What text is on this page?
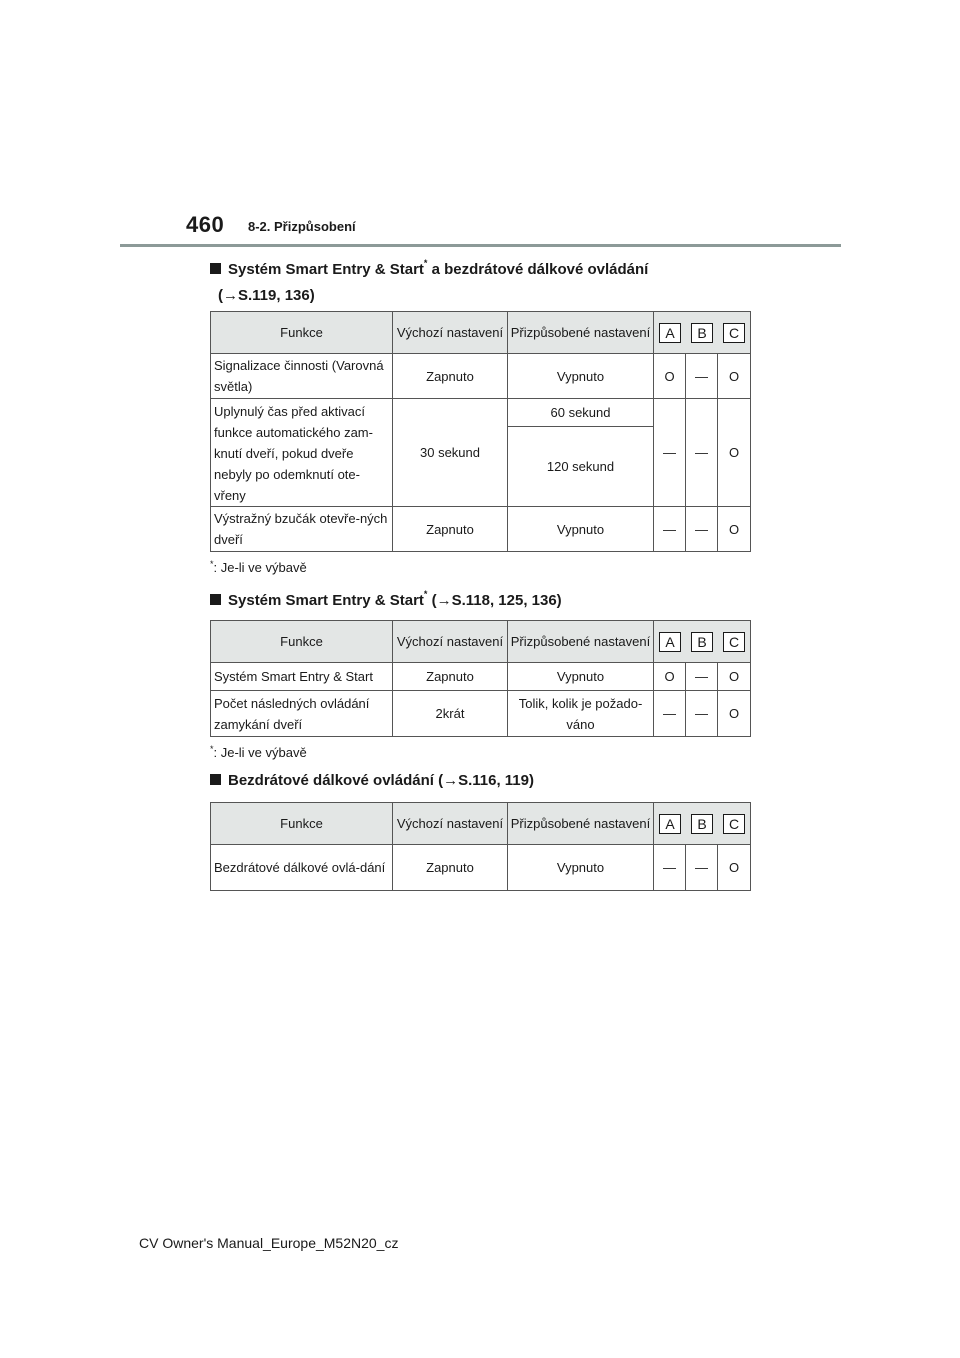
460 8-2. Přizpůsobení
Systém Smart Entry & Start* a bezdrátové dálkové ovládání
(→S.119, 136)
Funkce	Výchozí nastavení	Přizpůsobené nastavení	A B C		

Signalizace činnosti (Varovná světla)	Zapnuto	Vypnuto	O	—	O
Uplynulý čas před aktivací funkce automatického zam-knutí dveří, pokud dveře nebyly po odemknutí ote-vřeny	30 sekund	60 sekund	—	—	O
		120 sekund			
Výstražný bzučák otevře-ných dveří	Zapnuto	Vypnuto	—	—	O
*: Je-li ve výbavě
Systém Smart Entry & Start* (→S.118, 125, 136)
Funkce	Výchozí nastavení	Přizpůsobené nastavení	A B C		

Systém Smart Entry & Start	Zapnuto	Vypnuto	O	—	O
Počet následných ovládání zamykání dveří	2krát	Tolik, kolik je požado-váno	—	—	O
*: Je-li ve výbavě
Bezdrátové dálkové ovládání (→S.116, 119)
Funkce	Výchozí nastavení	Přizpůsobené nastavení	A B C		

Bezdrátové dálkové ovlá-dání	Zapnuto	Vypnuto	—	—	O
CV Owner's Manual_Europe_M52N20_cz
